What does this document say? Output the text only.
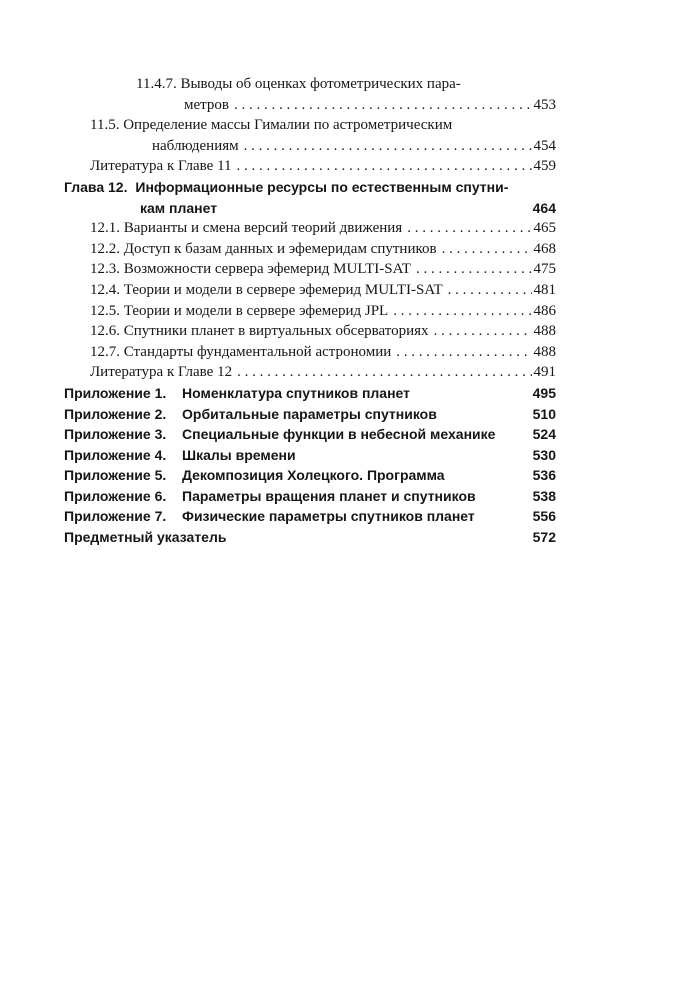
11.4.7. Выводы об оценках фотометрических пара-
метров . . .	453
11.5. Определение массы Гималии по астрометрическим
наблюдениям . . .	454
Литература к Главе 11 . . .	459
Глава 12. Информационные ресурсы по естественным спутни-
кам планет	464
12.1. Варианты и смена версий теорий движения . . .	465
12.2. Доступ к базам данных и эфемеридам спутников . . .	468
12.3. Возможности сервера эфемерид MULTI-SAT . . .	475
12.4. Теории и модели в сервере эфемерид MULTI-SAT . . .	481
12.5. Теории и модели в сервере эфемерид JPL . . .	486
12.6. Спутники планет в виртуальных обсерваториях . . .	488
12.7. Стандарты фундаментальной астрономии . . .	488
Литература к Главе 12 . . .	491
Приложение 1.	Номенклатура спутников планет	495
Приложение 2.	Орбитальные параметры спутников	510
Приложение 3.	Специальные функции в небесной механике	524
Приложение 4.	Шкалы времени	530
Приложение 5.	Декомпозиция Холецкого. Программа	536
Приложение 6.	Параметры вращения планет и спутников	538
Приложение 7.	Физические параметры спутников планет	556
Предметный указатель	572
